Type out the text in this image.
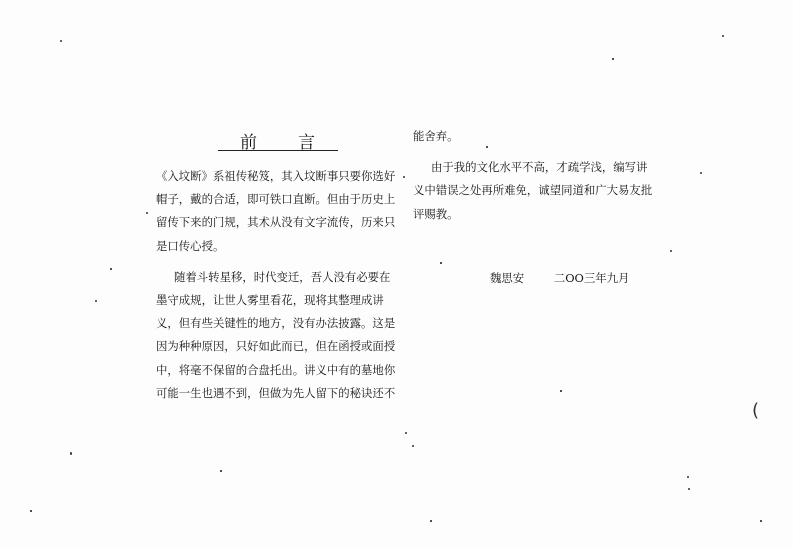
前 言
《入坟断》系祖传秘笈，其入坟断事只要你选好
帽子，戴的合适，即可铁口直断。但由于历史上
留传下来的门规，其术从没有文字流传，历来只
是口传心授。
随着斗转星移，时代变迁，吾人没有必要在
墨守成规，让世人雾里看花，现将其整理成讲
义，但有些关键性的地方，没有办法披露。这是
因为种种原因，只好如此而已，但在函授或面授
中，将毫不保留的合盘托出。讲义中有的墓地你
可能一生也遇不到，但做为先人留下的秘诀还不
能舍弃。
由于我的文化水平不高，才疏学浅，编写讲
义中错误之处再所难免，诚望同道和广大易友批
评赐教。
魏思安	二OO三年九月
(
